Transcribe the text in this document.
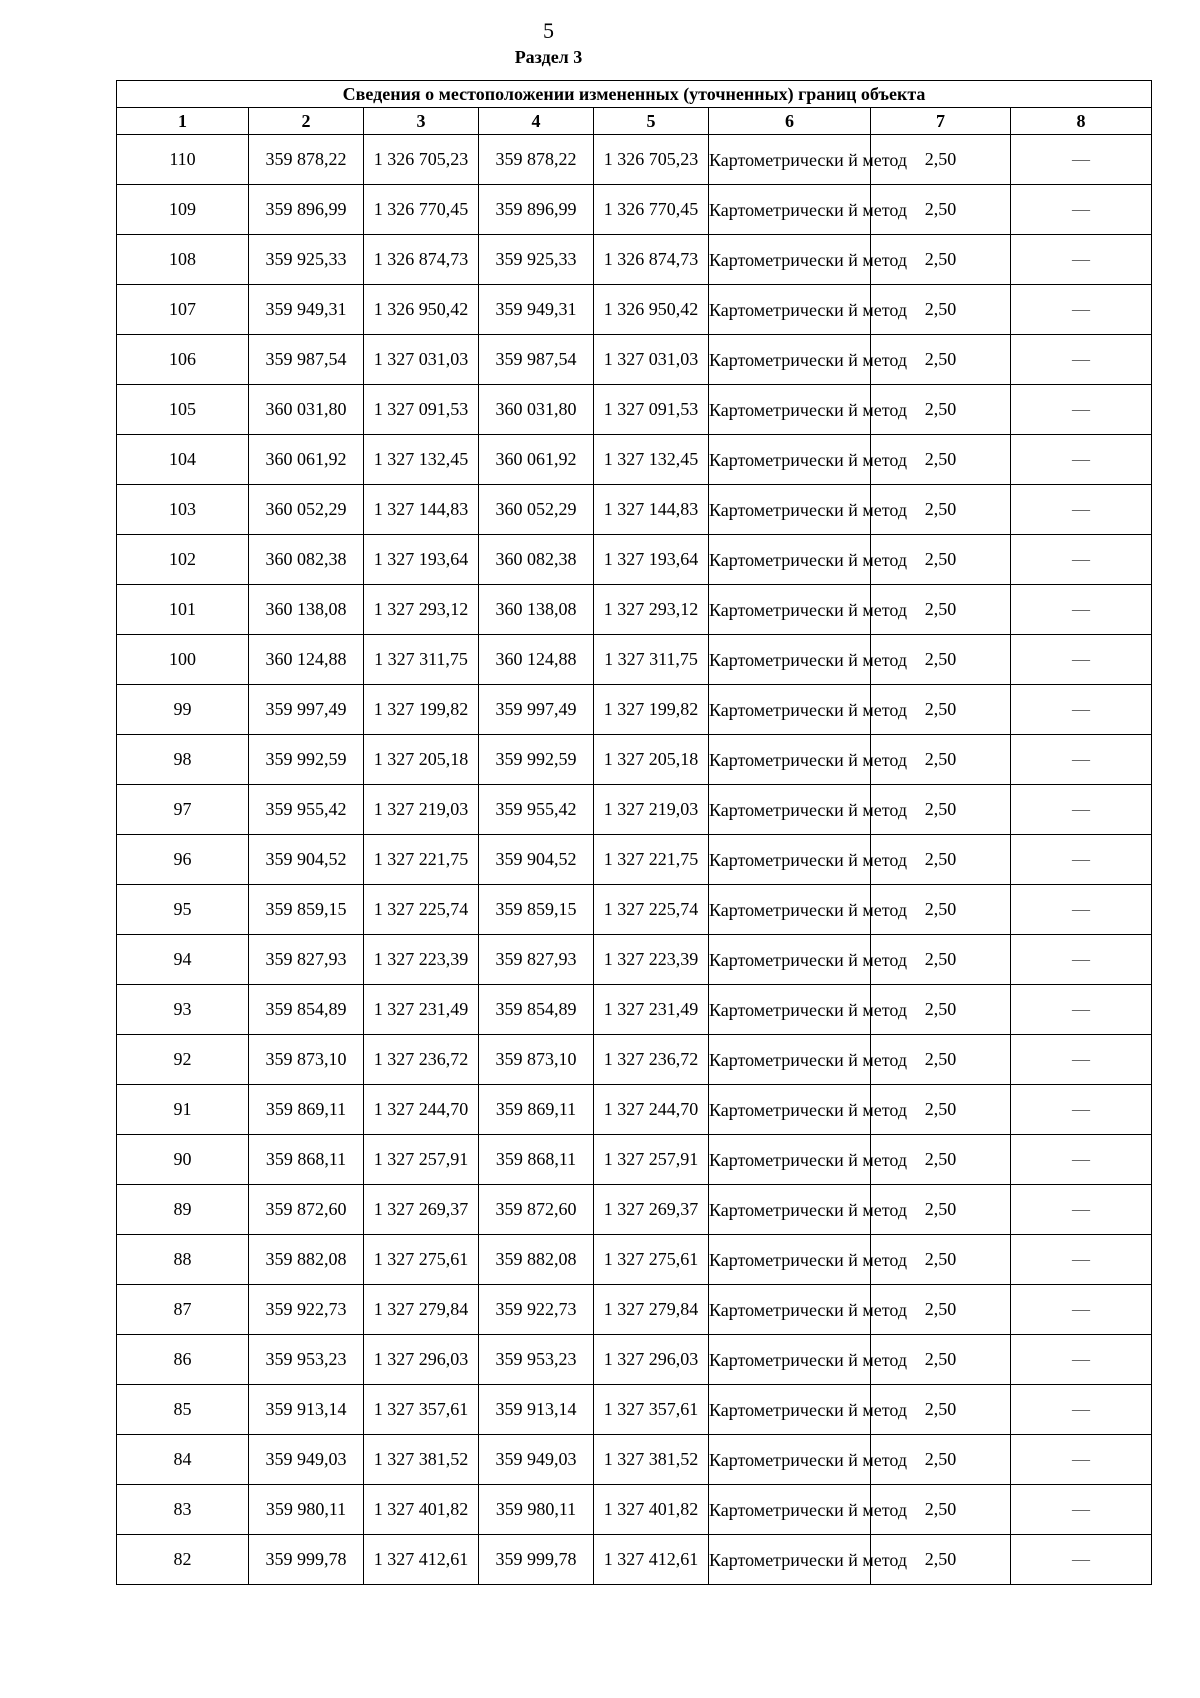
5
Раздел 3
Сведения о местоположении измененных (уточненных) границ объекта							
1	2	3	4	5	6	7	8
110	359 878,22	1 326 705,23	359 878,22	1 326 705,23	Картометрически й метод	2,50	—
109	359 896,99	1 326 770,45	359 896,99	1 326 770,45	Картометрически й метод	2,50	—
108	359 925,33	1 326 874,73	359 925,33	1 326 874,73	Картометрически й метод	2,50	—
107	359 949,31	1 326 950,42	359 949,31	1 326 950,42	Картометрически й метод	2,50	—
106	359 987,54	1 327 031,03	359 987,54	1 327 031,03	Картометрически й метод	2,50	—
105	360 031,80	1 327 091,53	360 031,80	1 327 091,53	Картометрически й метод	2,50	—
104	360 061,92	1 327 132,45	360 061,92	1 327 132,45	Картометрически й метод	2,50	—
103	360 052,29	1 327 144,83	360 052,29	1 327 144,83	Картометрически й метод	2,50	—
102	360 082,38	1 327 193,64	360 082,38	1 327 193,64	Картометрически й метод	2,50	—
101	360 138,08	1 327 293,12	360 138,08	1 327 293,12	Картометрически й метод	2,50	—
100	360 124,88	1 327 311,75	360 124,88	1 327 311,75	Картометрически й метод	2,50	—
99	359 997,49	1 327 199,82	359 997,49	1 327 199,82	Картометрически й метод	2,50	—
98	359 992,59	1 327 205,18	359 992,59	1 327 205,18	Картометрически й метод	2,50	—
97	359 955,42	1 327 219,03	359 955,42	1 327 219,03	Картометрически й метод	2,50	—
96	359 904,52	1 327 221,75	359 904,52	1 327 221,75	Картометрически й метод	2,50	—
95	359 859,15	1 327 225,74	359 859,15	1 327 225,74	Картометрически й метод	2,50	—
94	359 827,93	1 327 223,39	359 827,93	1 327 223,39	Картометрически й метод	2,50	—
93	359 854,89	1 327 231,49	359 854,89	1 327 231,49	Картометрически й метод	2,50	—
92	359 873,10	1 327 236,72	359 873,10	1 327 236,72	Картометрически й метод	2,50	—
91	359 869,11	1 327 244,70	359 869,11	1 327 244,70	Картометрически й метод	2,50	—
90	359 868,11	1 327 257,91	359 868,11	1 327 257,91	Картометрически й метод	2,50	—
89	359 872,60	1 327 269,37	359 872,60	1 327 269,37	Картометрически й метод	2,50	—
88	359 882,08	1 327 275,61	359 882,08	1 327 275,61	Картометрически й метод	2,50	—
87	359 922,73	1 327 279,84	359 922,73	1 327 279,84	Картометрически й метод	2,50	—
86	359 953,23	1 327 296,03	359 953,23	1 327 296,03	Картометрически й метод	2,50	—
85	359 913,14	1 327 357,61	359 913,14	1 327 357,61	Картометрически й метод	2,50	—
84	359 949,03	1 327 381,52	359 949,03	1 327 381,52	Картометрически й метод	2,50	—
83	359 980,11	1 327 401,82	359 980,11	1 327 401,82	Картометрически й метод	2,50	—
82	359 999,78	1 327 412,61	359 999,78	1 327 412,61	Картометрически й метод	2,50	—
